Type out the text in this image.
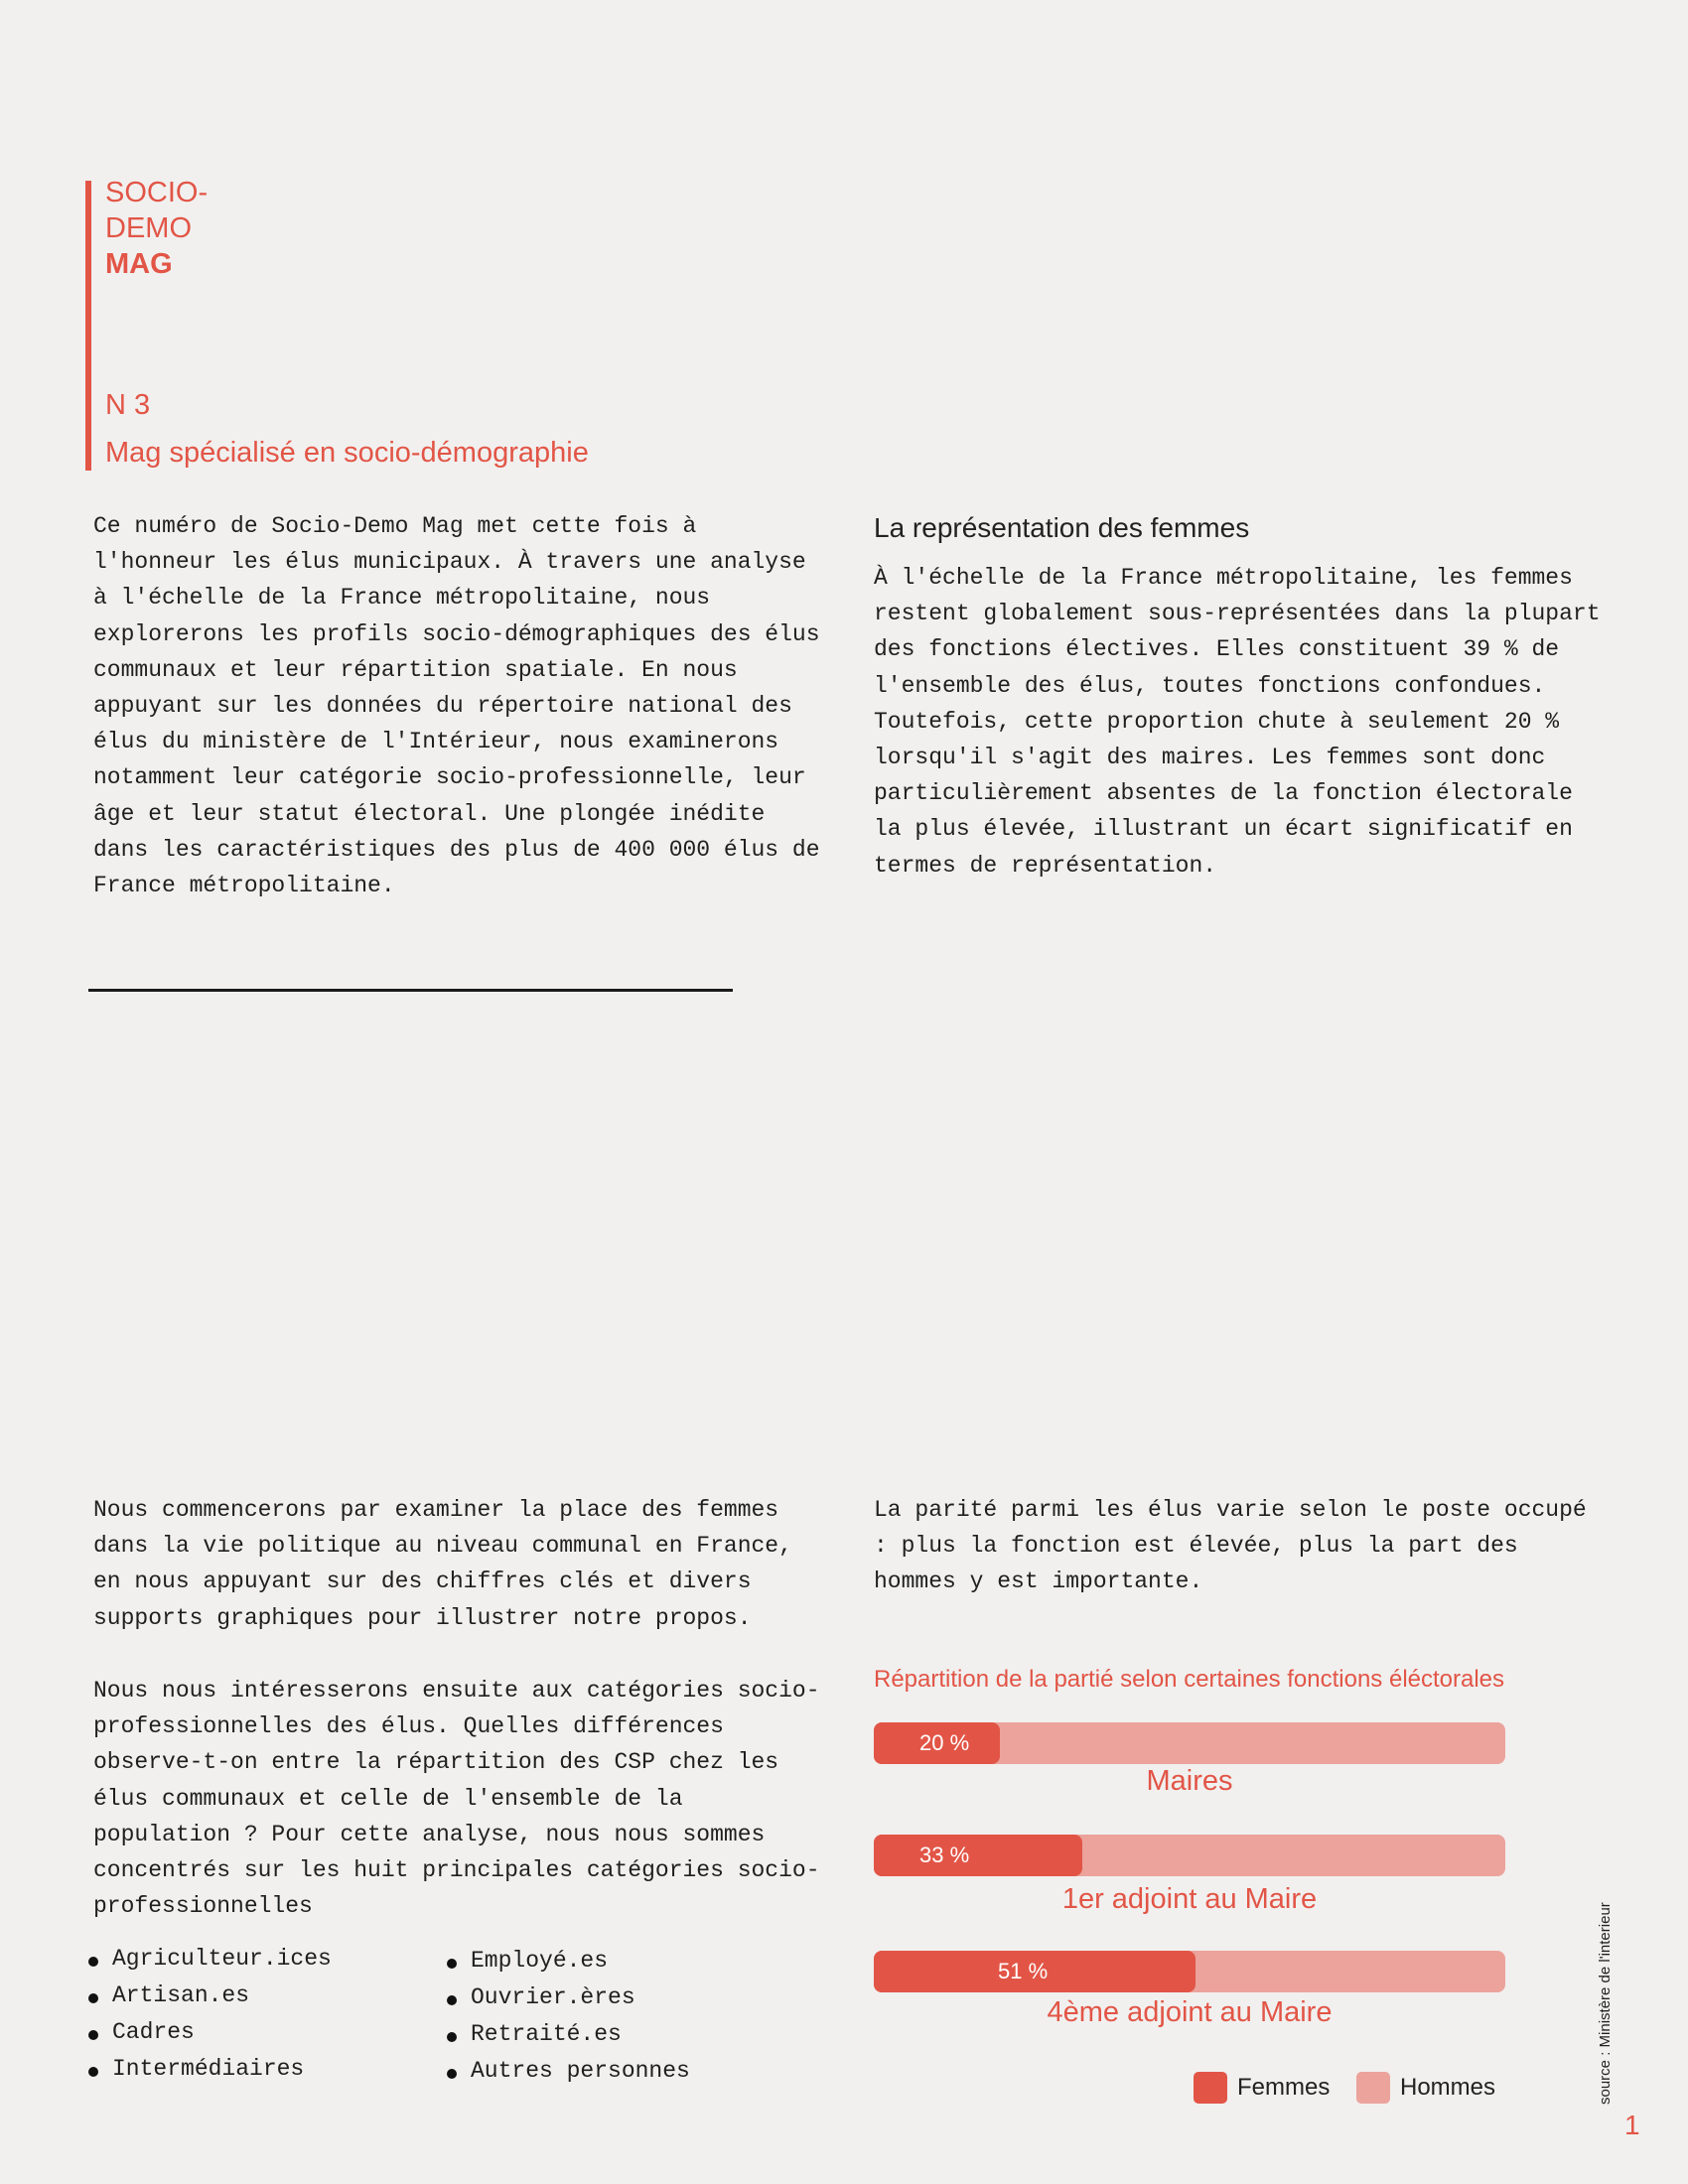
SOCIO-
DEMO
MAG
N 3
Mag spécialisé en socio-démographie
Ce numéro de Socio-Demo Mag met cette fois à l'honneur les élus municipaux. À travers une analyse à l'échelle de la France métropolitaine, nous explorerons les profils socio-démographiques des élus communaux et leur répartition spatiale. En nous appuyant sur les données du répertoire national des élus du ministère de l'Intérieur, nous examinerons notamment leur catégorie socio-professionnelle, leur âge et leur statut électoral. Une plongée inédite dans les caractéristiques des plus de 400 000 élus de France métropolitaine.
La représentation des femmes
À l'échelle de la France métropolitaine, les femmes restent globalement sous-représentées dans la plupart des fonctions électives. Elles constituent 39 % de l'ensemble des élus, toutes fonctions confondues. Toutefois, cette proportion chute à seulement 20 % lorsqu'il s'agit des maires. Les femmes sont donc particulièrement absentes de la fonction électorale la plus élevée, illustrant un écart significatif en termes de représentation.
Nous commencerons par examiner la place des femmes dans la vie politique au niveau communal en France, en nous appuyant sur des chiffres clés et divers supports graphiques pour illustrer notre propos.
Nous nous intéresserons ensuite aux catégories socio-professionnelles des élus. Quelles différences observe-t-on entre la répartition des CSP chez les élus communaux et celle de l'ensemble de la population ? Pour cette analyse, nous nous sommes concentrés sur les huit principales catégories socio-professionnelles
Agriculteur.ices
Artisan.es
Cadres
Intermédiaires
Employé.es
Ouvrier.ères
Retraité.es
Autres personnes
La parité parmi les élus varie selon le poste occupé : plus la fonction est élevée, plus la part des hommes y est importante.
Répartition de la partié selon certaines fonctions éléctorales
20 %
Maires
33 %
1er adjoint au Maire
51 %
4ème adjoint au Maire
Femmes	Hommes	source : Ministère de l'interieur
1
